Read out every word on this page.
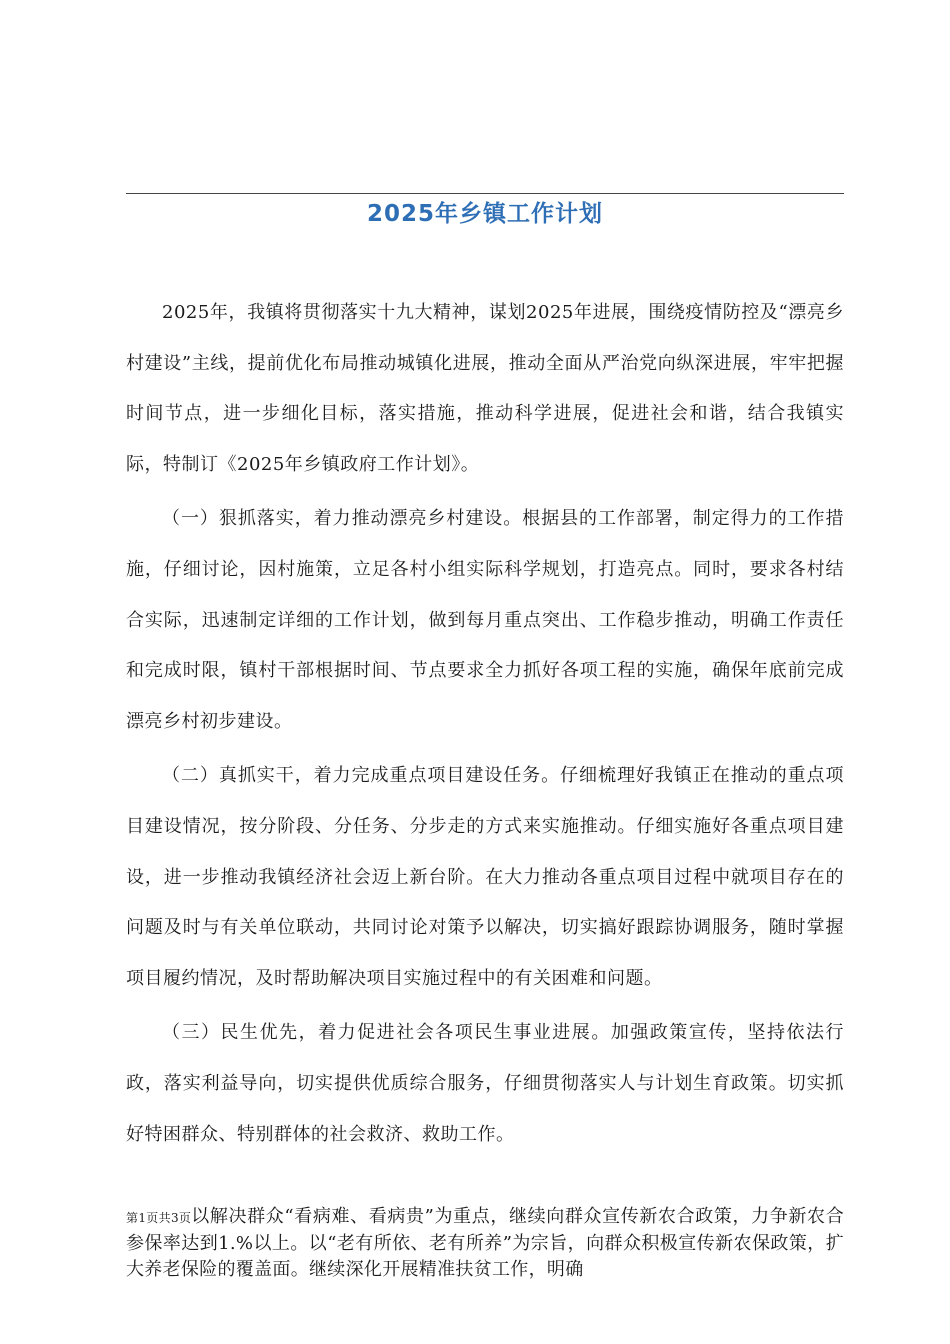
2025年乡镇工作计划

2025年，我镇将贯彻落实十九大精神，谋划2025年进展，围绕疫情防控及“漂亮乡村建设”主线，提前优化布局推动城镇化进展，推动全面从严治党向纵深进展，牢牢把握时间节点，进一步细化目标，落实措施，推动科学进展，促进社会和谐，结合我镇实际，特制订《2025年乡镇政府工作计划》。

（一）狠抓落实，着力推动漂亮乡村建设。根据县的工作部署，制定得力的工作措施，仔细讨论，因村施策，立足各村小组实际科学规划，打造亮点。同时，要求各村结合实际，迅速制定详细的工作计划，做到每月重点突出、工作稳步推动，明确工作责任和完成时限，镇村干部根据时间、节点要求全力抓好各项工程的实施，确保年底前完成漂亮乡村初步建设。

（二）真抓实干，着力完成重点项目建设任务。仔细梳理好我镇正在推动的重点项目建设情况，按分阶段、分任务、分步走的方式来实施推动。仔细实施好各重点项目建设，进一步推动我镇经济社会迈上新台阶。在大力推动各重点项目过程中就项目存在的问题及时与有关单位联动，共同讨论对策予以解决，切实搞好跟踪协调服务，随时掌握项目履约情况，及时帮助解决项目实施过程中的有关困难和问题。

（三）民生优先，着力促进社会各项民生事业进展。加强政策宣传，坚持依法行政，落实利益导向，切实提供优质综合服务，仔细贯彻落实人与计划生育政策。切实抓好特困群众、特别群体的社会救济、救助工作。

第1页共3页以解决群众“看病难、看病贵”为重点，继续向群众宣传新农合政策，力争新农合参保率达到1.%以上。以“老有所依、老有所养”为宗旨，向群众积极宣传新农保政策，扩大养老保险的覆盖面。继续深化开展精准扶贫工作，明确
